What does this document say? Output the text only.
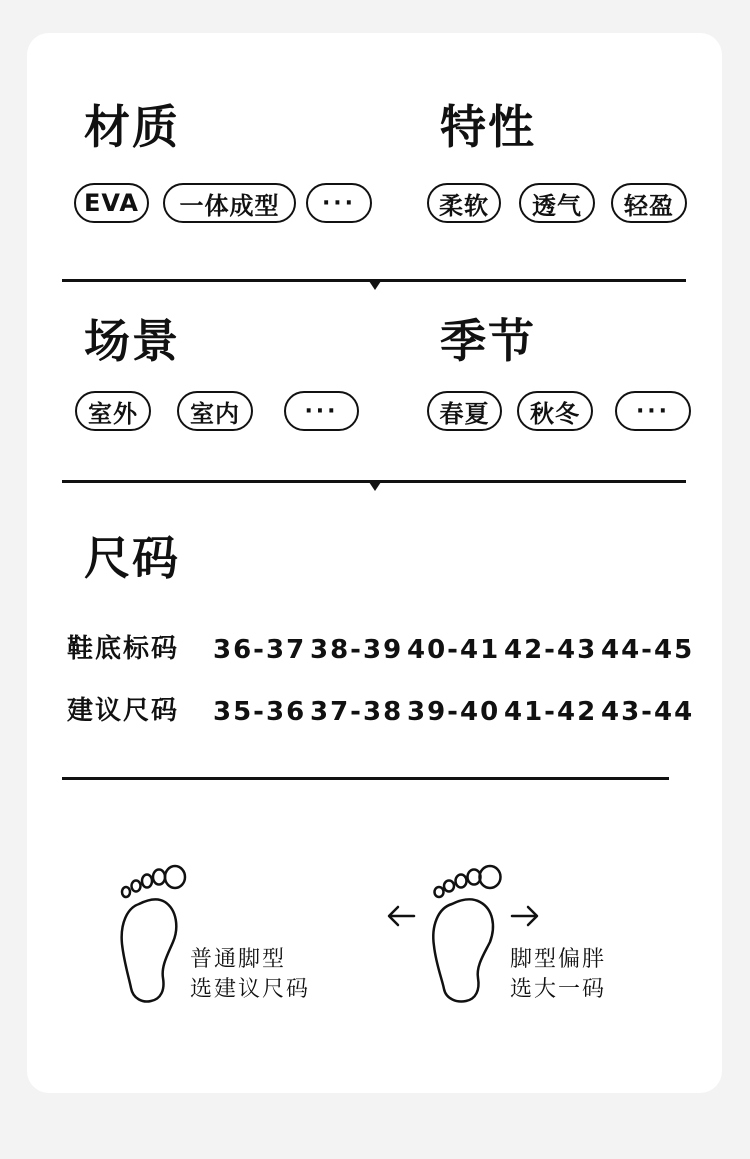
材质
EVA	一体成型	···
特性
柔软	透气	轻盈
场景
室外	室内	···
季节
春夏	秋冬	···
尺码
鞋底标码 36-37 38-39 40-41 42-43 44-45
建议尺码 35-36 37-38 39-40 41-42 43-44
普通脚型
选建议尺码
脚型偏胖
选大一码
